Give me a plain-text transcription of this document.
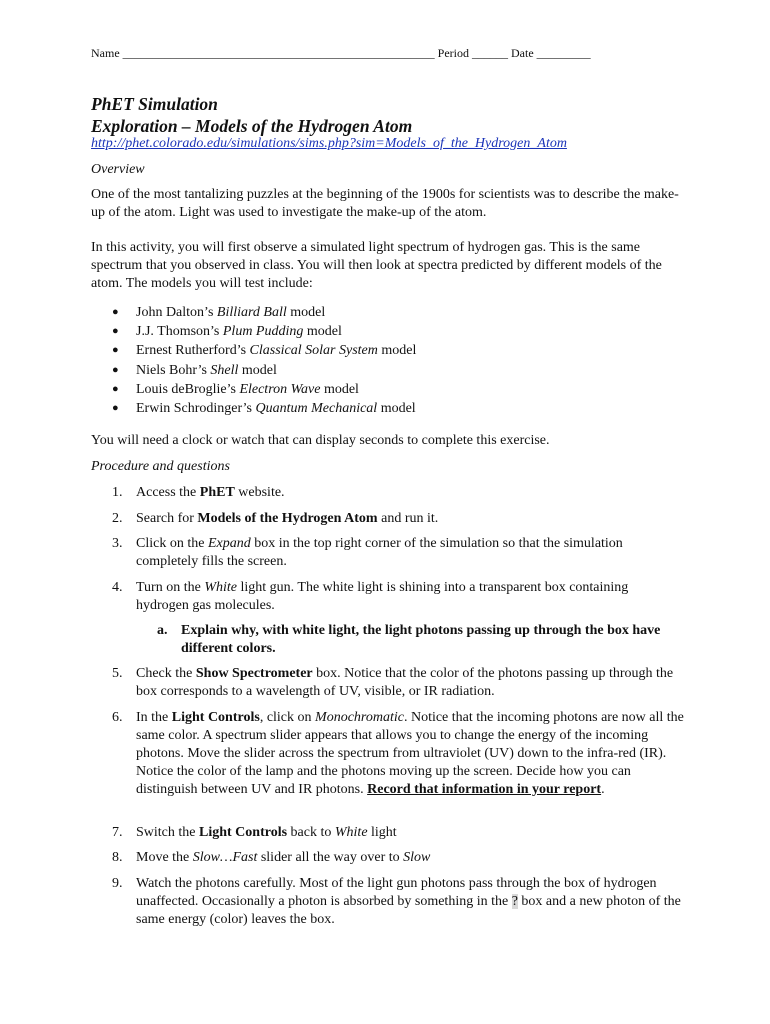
Name ____________________________________________________ Period ______ Date _________
PhET Simulation
Exploration – Models of the Hydrogen Atom
http://phet.colorado.edu/simulations/sims.php?sim=Models_of_the_Hydrogen_Atom
Overview
One of the most tantalizing puzzles at the beginning of the 1900s for scientists was to describe the make-up of the atom. Light was used to investigate the make-up of the atom.
In this activity, you will first observe a simulated light spectrum of hydrogen gas. This is the same spectrum that you observed in class. You will then look at spectra predicted by different models of the atom. The models you will test include:
● John Dalton’s Billiard Ball model
● J.J. Thomson’s Plum Pudding model
● Ernest Rutherford’s Classical Solar System model
● Niels Bohr’s Shell model
● Louis deBroglie’s Electron Wave model
● Erwin Schrodinger’s Quantum Mechanical model
You will need a clock or watch that can display seconds to complete this exercise.
Procedure and questions
1. Access the PhET website.
2. Search for Models of the Hydrogen Atom and run it.
3. Click on the Expand box in the top right corner of the simulation so that the simulation completely fills the screen.
4. Turn on the White light gun. The white light is shining into a transparent box containing hydrogen gas molecules.
a. Explain why, with white light, the light photons passing up through the box have different colors.
5. Check the Show Spectrometer box. Notice that the color of the photons passing up through the box corresponds to a wavelength of UV, visible, or IR radiation.
6. In the Light Controls, click on Monochromatic. Notice that the incoming photons are now all the same color. A spectrum slider appears that allows you to change the energy of the incoming photons. Move the slider across the spectrum from ultraviolet (UV) down to the infra-red (IR). Notice the color of the lamp and the photons moving up the screen. Decide how you can distinguish between UV and IR photons. Record that information in your report.
7. Switch the Light Controls back to White light
8. Move the Slow…Fast slider all the way over to Slow
9. Watch the photons carefully. Most of the light gun photons pass through the box of hydrogen unaffected. Occasionally a photon is absorbed by something in the ? box and a new photon of the same energy (color) leaves the box.
